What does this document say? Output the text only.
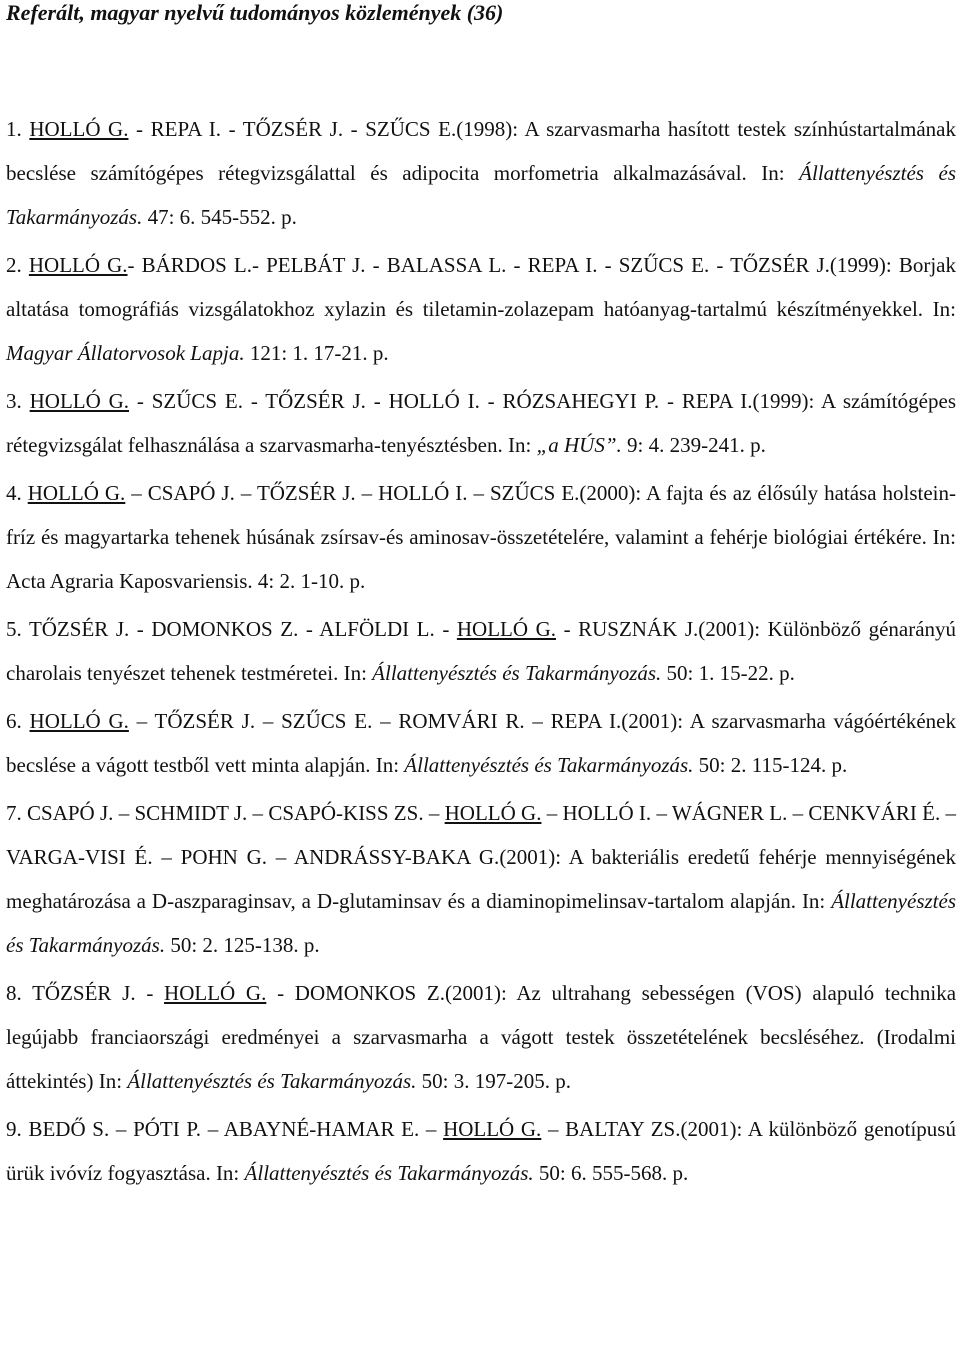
Referált, magyar nyelvű tudományos közlemények (36)

1. HOLLÓ G. - REPA I. - TŐZSÉR J. - SZŰCS E.(1998): A szarvasmarha hasított testek színhústartalmának becslése számítógépes rétegvizsgálattal és adipocita morfometria alkalmazásával. In: Állattenyésztés és Takarmányozás. 47: 6. 545-552. p.

2. HOLLÓ G.- BÁRDOS L.- PELBÁT J. - BALASSA L. - REPA I. - SZŰCS E. - TŐZSÉR J.(1999): Borjak altatása tomográfiás vizsgálatokhoz xylazin és tiletamin-zolazepam hatóanyag-tartalmú készítményekkel. In: Magyar Állatorvosok Lapja. 121: 1. 17-21. p.

3. HOLLÓ G. - SZŰCS E. - TŐZSÉR J. - HOLLÓ I. - RÓZSAHEGYI P. - REPA I.(1999): A számítógépes rétegvizsgálat felhasználása a szarvasmarha-tenyésztésben. In: „a HÚS”. 9: 4. 239-241. p.

4. HOLLÓ G. – CSAPÓ J. – TŐZSÉR J. – HOLLÓ I. – SZŰCS E.(2000): A fajta és az élősúly hatása holstein-fríz és magyartarka tehenek húsának zsírsav-és aminosav-összetételére, valamint a fehérje biológiai értékére. In: Acta Agraria Kaposvariensis. 4: 2. 1-10. p.

5. TŐZSÉR J. - DOMONKOS Z. - ALFÖLDI L. - HOLLÓ G. - RUSZNÁK J.(2001): Különböző génarányú charolais tenyészet tehenek testméretei. In: Állattenyésztés és Takarmányozás. 50: 1. 15-22. p.

6. HOLLÓ G. – TŐZSÉR J. – SZŰCS E. – ROMVÁRI R. – REPA I.(2001): A szarvasmarha vágóértékének becslése a vágott testből vett minta alapján. In: Állattenyésztés és Takarmányozás. 50: 2. 115-124. p.

7. CSAPÓ J. – SCHMIDT J. – CSAPÓ-KISS ZS. – HOLLÓ G. – HOLLÓ I. – WÁGNER L. – CENKVÁRI É. – VARGA-VISI É. – POHN G. – ANDRÁSSY-BAKA G.(2001): A bakteriális eredetű fehérje mennyiségének meghatározása a D-aszparaginsav, a D-glutaminsav és a diaminopimelinsav-tartalom alapján. In: Állattenyésztés és Takarmányozás. 50: 2. 125-138. p.

8. TŐZSÉR J. - HOLLÓ G. - DOMONKOS Z.(2001): Az ultrahang sebességen (VOS) alapuló technika legújabb franciaországi eredményei a szarvasmarha a vágott testek összetételének becsléséhez. (Irodalmi áttekintés) In: Állattenyésztés és Takarmányozás. 50: 3. 197-205. p.

9. BEDŐ S. – PÓTI P. – ABAYNÉ-HAMAR E. – HOLLÓ G. – BALTAY ZS.(2001): A különböző genotípusú ürük ivóvíz fogyasztása. In: Állattenyésztés és Takarmányozás. 50: 6. 555-568. p.
